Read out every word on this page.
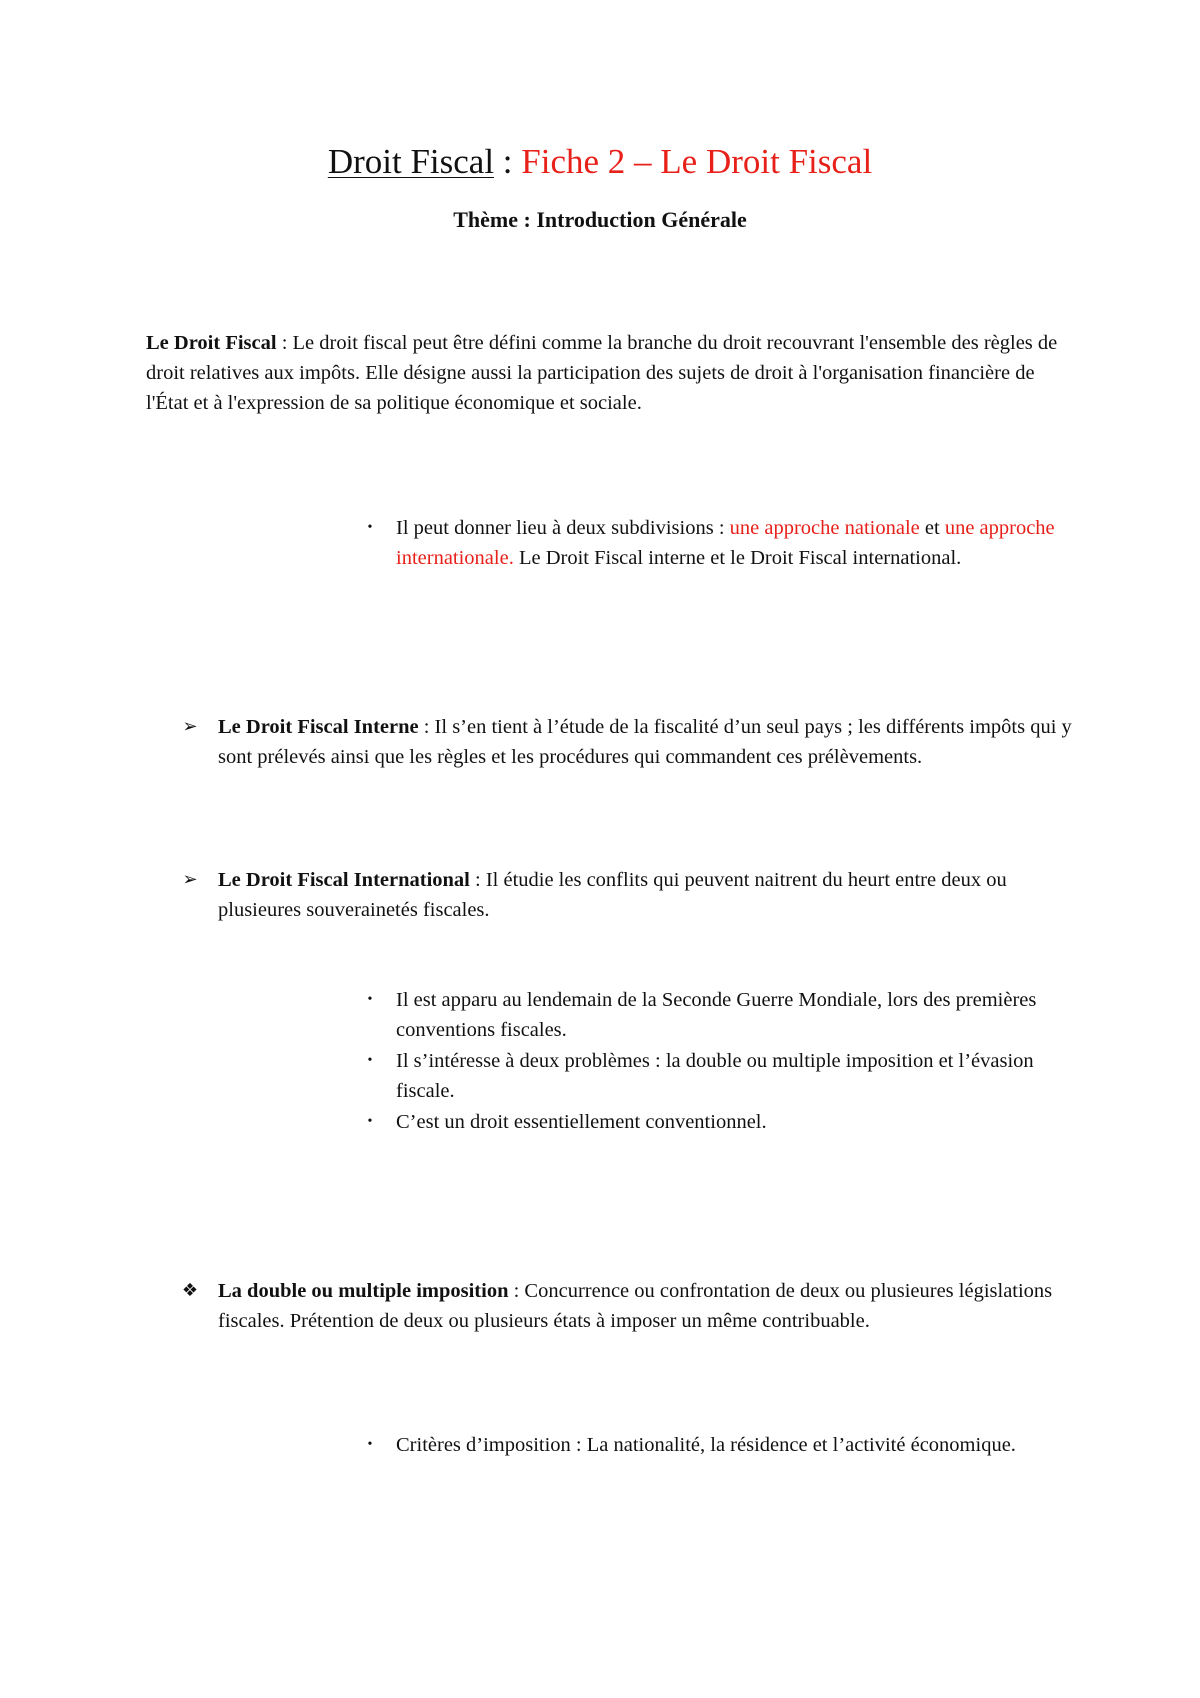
Droit Fiscal : Fiche 2 – Le Droit Fiscal
Thème : Introduction Générale

Le Droit Fiscal : Le droit fiscal peut être défini comme la branche du droit recouvrant l'ensemble des règles de droit relatives aux impôts. Elle désigne aussi la participation des sujets de droit à l'organisation financière de l'État et à l'expression de sa politique économique et sociale.

•	Il peut donner lieu à deux subdivisions : une approche nationale et une approche internationale. Le Droit Fiscal interne et le Droit Fiscal international.

➢ Le Droit Fiscal Interne : Il s’en tient à l’étude de la fiscalité d’un seul pays ; les différents impôts qui y sont prélevés ainsi que les règles et les procédures qui commandent ces prélèvements.

➢ Le Droit Fiscal International : Il étudie les conflits qui peuvent naitrent du heurt entre deux ou plusieures souverainetés fiscales.

•	Il est apparu au lendemain de la Seconde Guerre Mondiale, lors des premières conventions fiscales.

•	Il s’intéresse à deux problèmes : la double ou multiple imposition et l’évasion fiscale.

•	C’est un droit essentiellement conventionnel.

❖ La double ou multiple imposition : Concurrence ou confrontation de deux ou plusieures législations fiscales. Prétention de deux ou plusieurs états à imposer un même contribuable.

•	Critères d’imposition : La nationalité, la résidence et l’activité économique.
